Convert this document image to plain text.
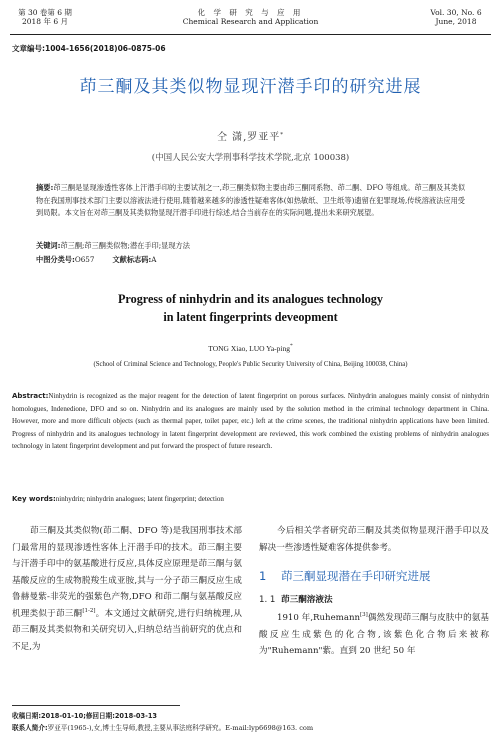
第 30 卷第 6 期
2018 年 6 月
化 学 研 究 与 应 用
Chemical Research and Application
Vol. 30, No. 6
June, 2018
文章编号:1004-1656(2018)06-0875-06
茚三酮及其类似物显现汗潜手印的研究进展
仝 潇,罗亚平*
(中国人民公安大学刑事科学技术学院,北京 100038)
摘要:茚三酮是显现渗透性客体上汗潜手印的主要试剂之一,茚三酮类似物主要由茚三酮同系物、茚二酮、DFO 等组成。茚三酮及其类似物在我国刑事技术部门主要以溶液法进行使用,随着越来越多的渗透性疑难客体(如热敏纸、卫生纸等)遗留在犯罪现场,传统溶液法应用受到局限。本文旨在对茚三酮及其类似物显现汗潜手印进行综述,结合当前存在的实际问题,提出未来研究展望。
关键词:茚三酮;茚三酮类似物;潜在手印;显现方法
中图分类号:O657	文献标志码:A
Progress of ninhydrin and its analogues technology
in latent fingerprints deveopment
TONG Xiao, LUO Ya-ping*
(School of Criminal Science and Technology, People's Public Security University of China, Beijing 100038, China)
Abstract:Ninhydrin is recognized as the major reagent for the detection of latent fingerprint on porous surfaces. Ninhydrin analogues mainly consist of ninhydrin homologues, Indenedione, DFO and so on. Ninhydrin and its analogues are mainly used by the solution method in the criminal technology department in China. However, more and more difficult objects (such as thermal paper, toilet paper, etc.) left at the crime scenes, the traditional ninhydrin applications have been limited. Progress of ninhydrin and its analogues technology in latent fingerprint development are reviewed, this work combined the existing problems of ninhydrin analogues technology in latent fingerprint development and put forward the prospect of future research.
Key words:ninhydrin; ninhydrin analogues; latent fingerprint; detection
茚三酮及其类似物(茚二酮、DFO 等)是我国刑事技术部门最常用的显现渗透性客体上汗潜手印的技术。茚三酮主要与汗潜手印中的氨基酸进行反应,具体反应原理是茚三酮与氨基酸反应的生成物脱羧生成亚胺,其与一分子茚三酮反应生成鲁赫曼紫-非荧光的强紫色产物,DFO 和茚二酮与氨基酸反应机理类似于茚三酮[1-2]。本文通过文献研究,进行归纳梳理,从茚三酮及其类似物和关研究切入,归纳总结当前研究的优点和不足,为

今后相关学者研究茚三酮及其类似物显现汗潜手印以及解决一些渗透性疑难客体提供参考。

1 茚三酮显现潜在手印研究进展
1. 1 茚三酮溶液法

1910 年,Ruhemann[3]偶然发现茚三酮与皮肤中的氨基酸反应生成紫色的化合物,该紫色化合物后来被称为"Ruhemann"紫。直到 20 世纪 50 年

收稿日期:2018-01-10;修回日期:2018-03-13
联系人简介:罗亚平(1965-),女,博士生导师,教授,主要从事法庭科学研究。E-mail:lyp6698@163. com
